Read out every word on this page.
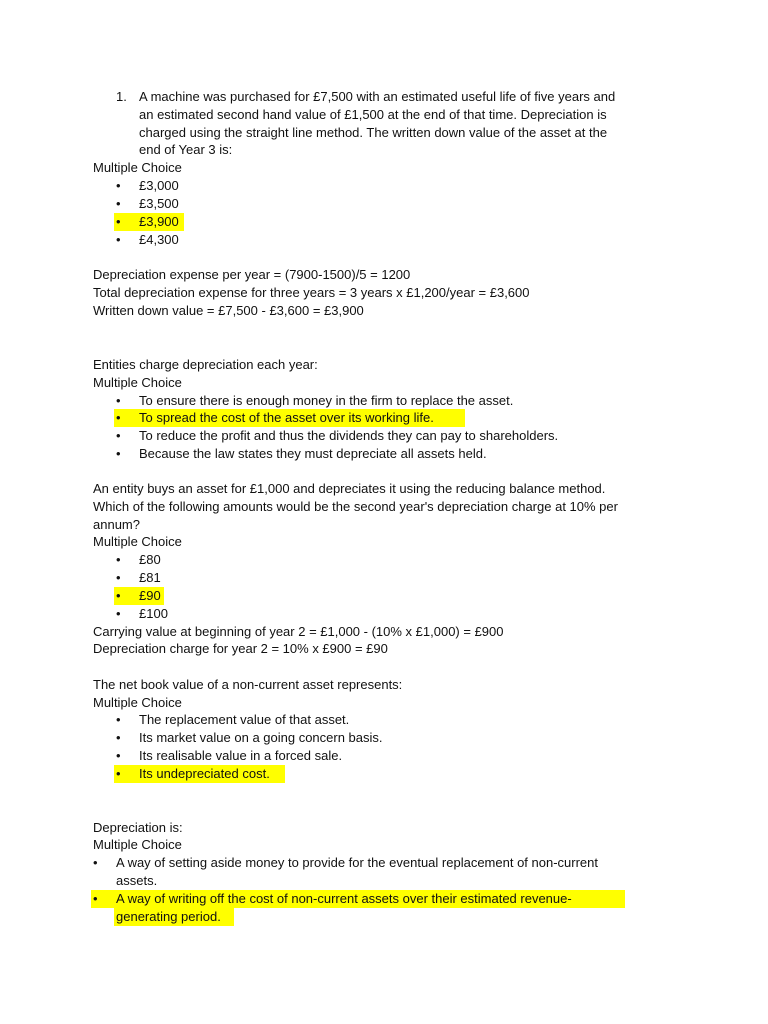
1. A machine was purchased for £7,500 with an estimated useful life of five years and
an estimated second hand value of £1,500 at the end of that time. Depreciation is
charged using the straight line method. The written down value of the asset at the
end of Year 3 is:
Multiple Choice
• £3,000
• £3,500
• £3,900
• £4,300
Depreciation expense per year = (7900-1500)/5 = 1200
Total depreciation expense for three years = 3 years x £1,200/year = £3,600
Written down value = £7,500 - £3,600 = £3,900
Entities charge depreciation each year:
Multiple Choice
• To ensure there is enough money in the firm to replace the asset.
• To spread the cost of the asset over its working life.
• To reduce the profit and thus the dividends they can pay to shareholders.
• Because the law states they must depreciate all assets held.
An entity buys an asset for £1,000 and depreciates it using the reducing balance method.
Which of the following amounts would be the second year's depreciation charge at 10% per
annum?
Multiple Choice
• £80
• £81
• £90
• £100
Carrying value at beginning of year 2 = £1,000 - (10% x £1,000) = £900
Depreciation charge for year 2 = 10% x £900 = £90
The net book value of a non-current asset represents:
Multiple Choice
• The replacement value of that asset.
• Its market value on a going concern basis.
• Its realisable value in a forced sale.
• Its undepreciated cost.
Depreciation is:
Multiple Choice
• A way of setting aside money to provide for the eventual replacement of non-current
assets.
• A way of writing off the cost of non-current assets over their estimated revenue-
generating period.
